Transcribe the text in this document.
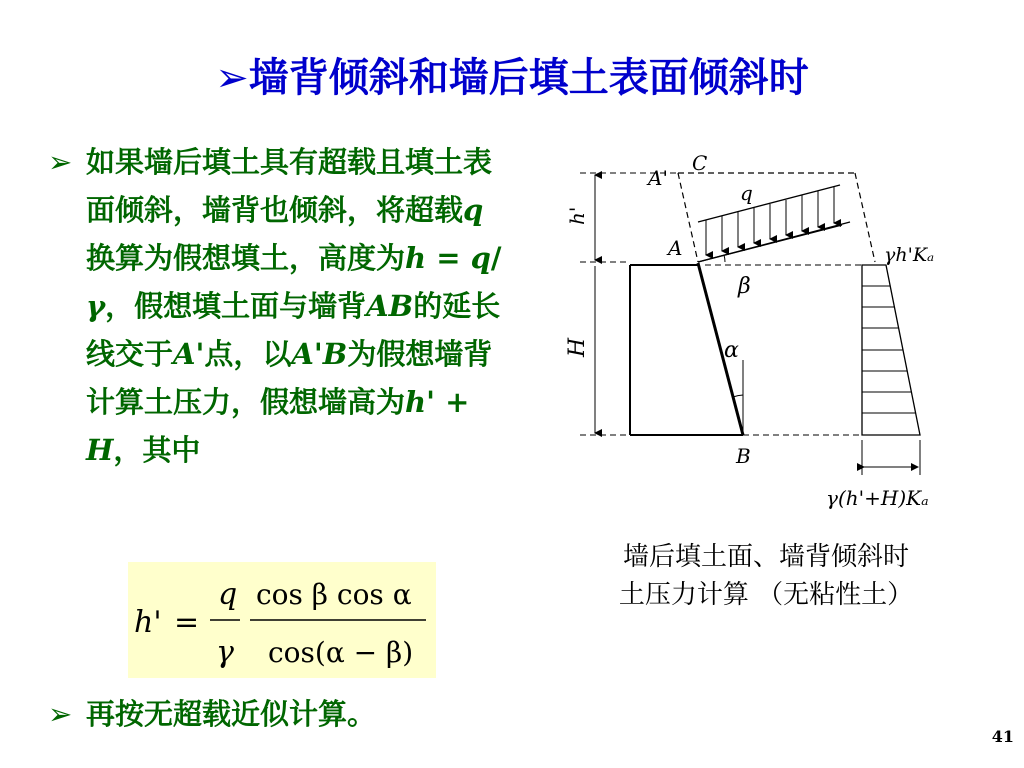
➢墙背倾斜和墙后填土表面倾斜时
➢ 如果墙后填土具有超载且填土表面倾斜，墙背也倾斜，将超载q换算为假想填土，高度为h = q/γ，假想填土面与墙背AB的延长线交于A'点，以A'B为假想墙背计算土压力，假想墙高为h' + H，其中
h' =
q
γ
cos β cos α
cos(α − β)
➢ 再按无超载近似计算。
A'
C
q
h'
A
H
β
α
B
γh'Kₐ
γ(h'+H)Kₐ
墙后填土面、墙背倾斜时
土压力计算 （无粘性土）
41
